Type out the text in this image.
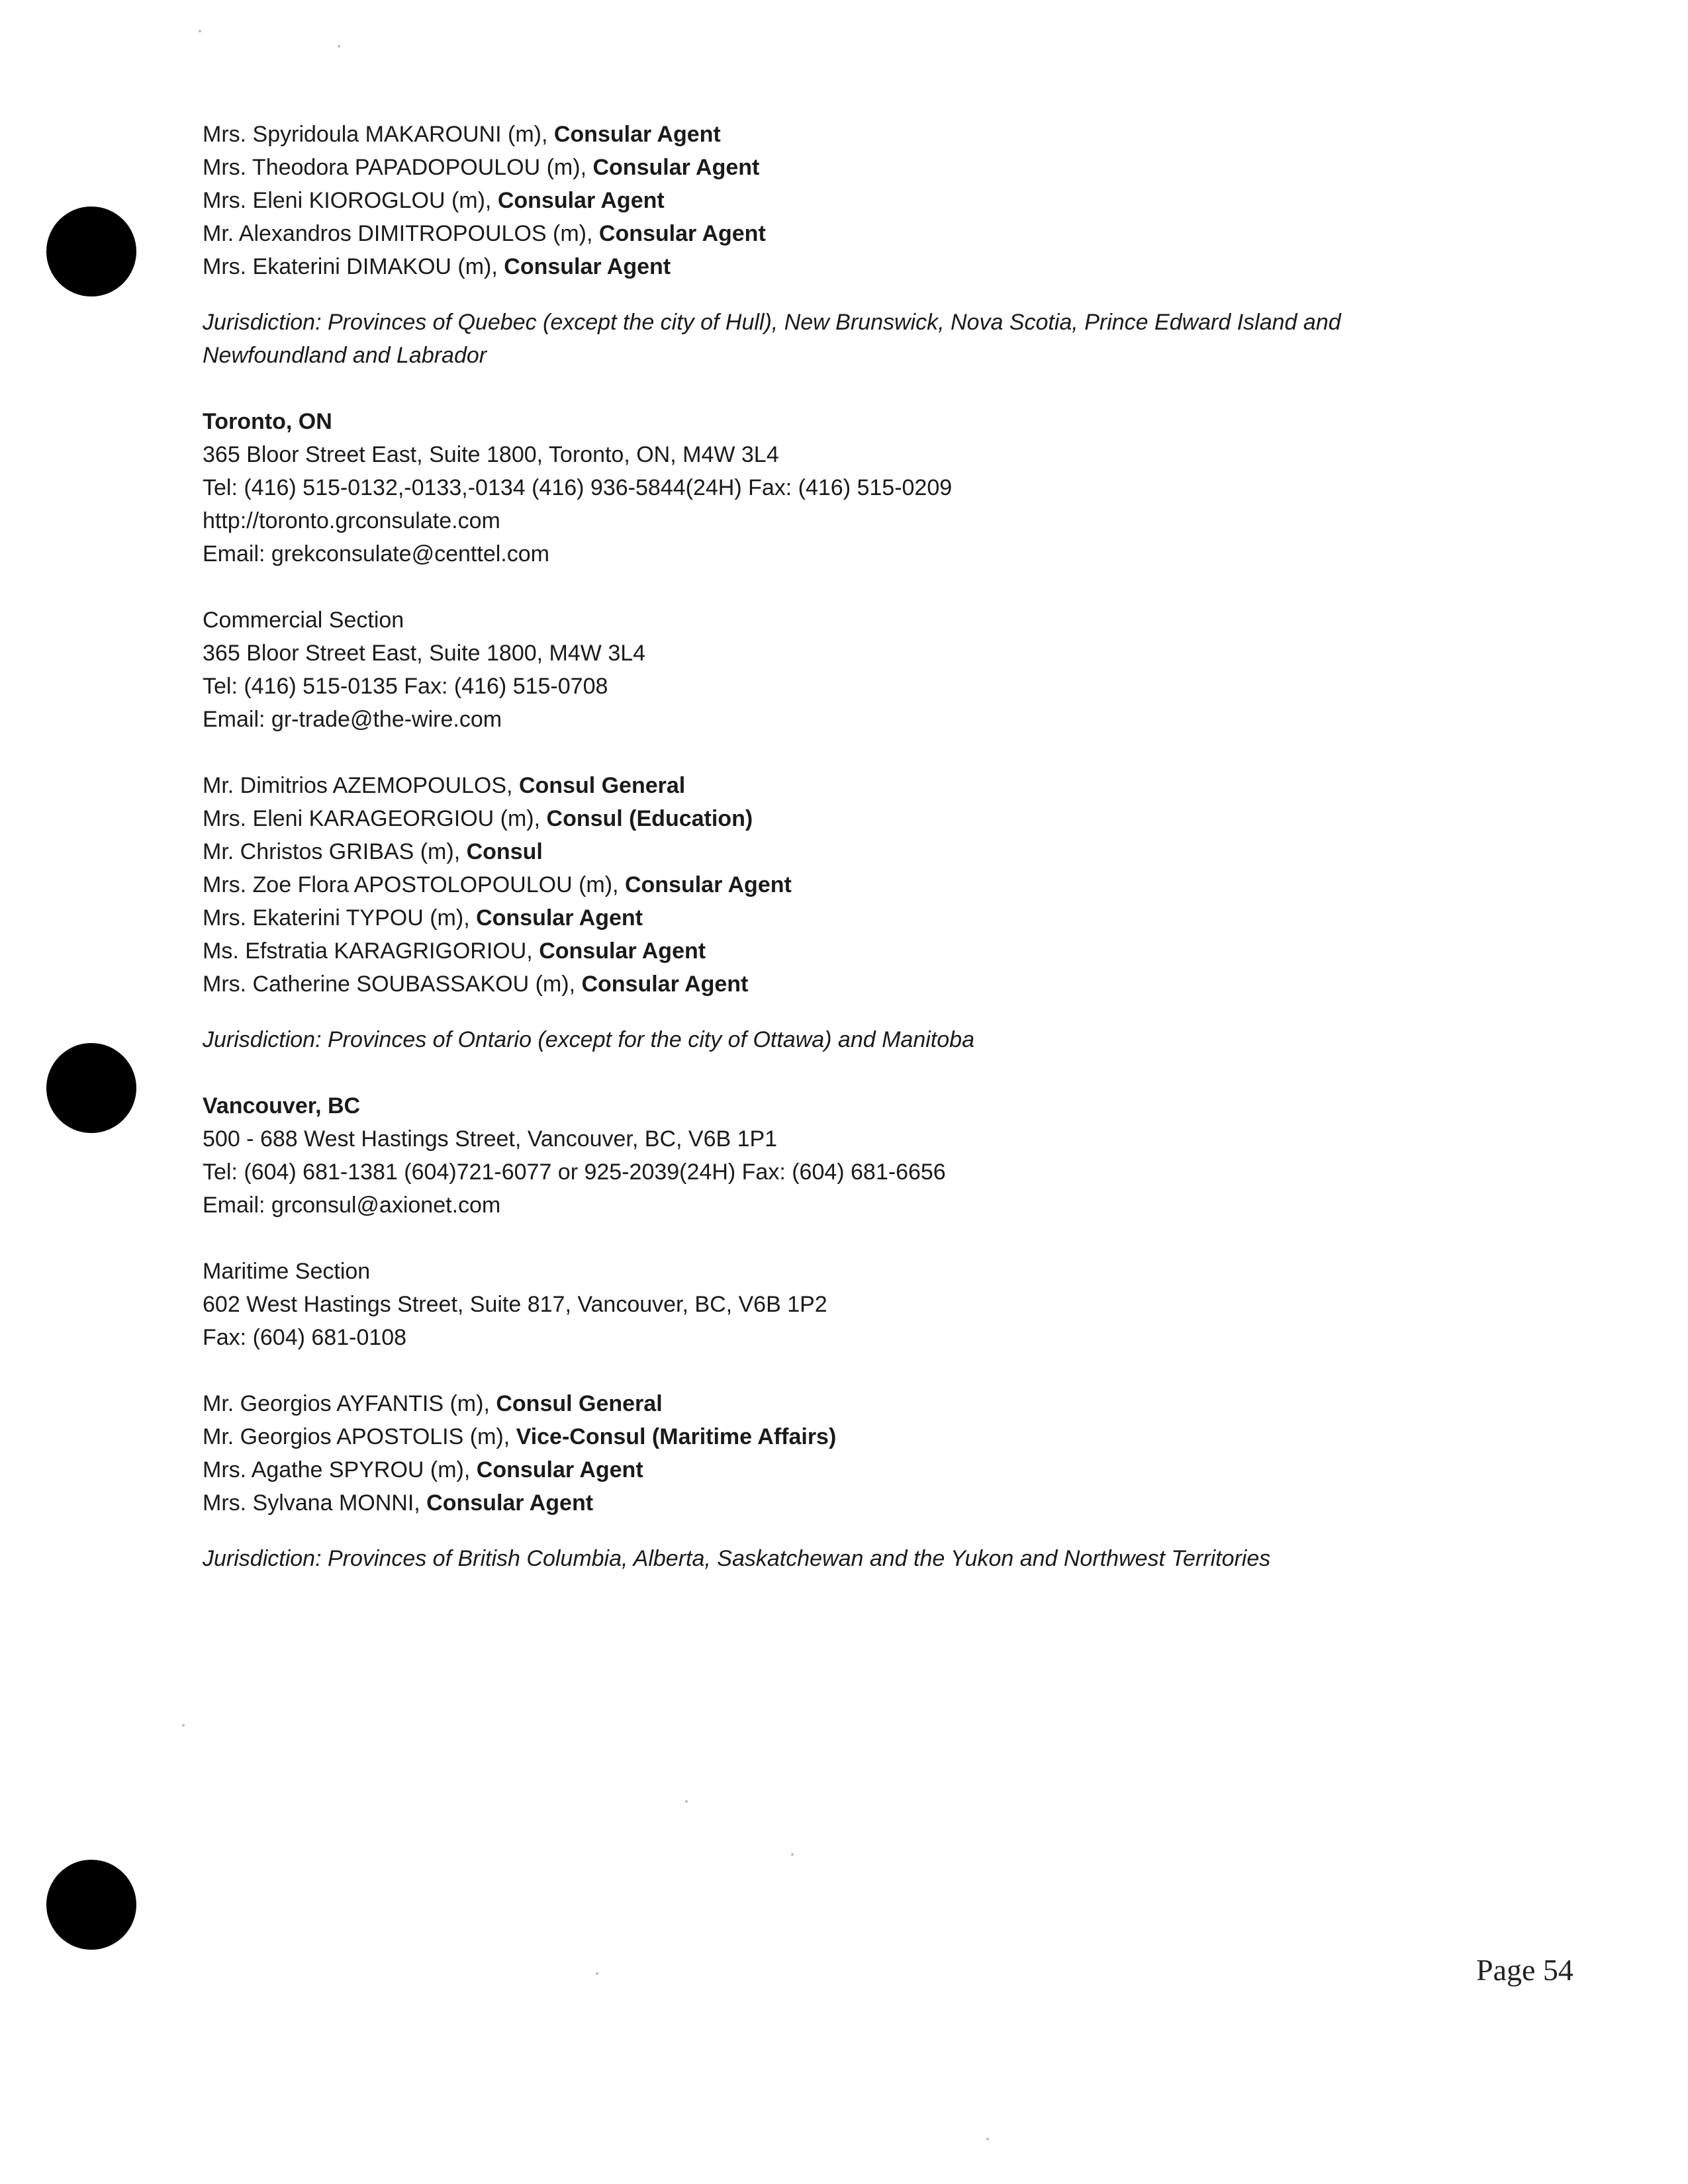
Mrs. Spyridoula MAKAROUNI (m), Consular Agent
Mrs. Theodora PAPADOPOULOU (m), Consular Agent
Mrs. Eleni KIOROGLOU (m), Consular Agent
Mr. Alexandros DIMITROPOULOS (m), Consular Agent
Mrs. Ekaterini DIMAKOU (m), Consular Agent
Jurisdiction: Provinces of Quebec (except the city of Hull), New Brunswick, Nova Scotia, Prince Edward Island and Newfoundland and Labrador
Toronto, ON
365 Bloor Street East, Suite 1800, Toronto, ON, M4W 3L4
Tel: (416) 515-0132,-0133,-0134 (416) 936-5844(24H) Fax: (416) 515-0209
http://toronto.grconsulate.com
Email: grekconsulate@centtel.com
Commercial Section
365 Bloor Street East, Suite 1800, M4W 3L4
Tel: (416) 515-0135 Fax: (416) 515-0708
Email: gr-trade@the-wire.com
Mr. Dimitrios AZEMOPOULOS, Consul General
Mrs. Eleni KARAGEORGIOU (m), Consul (Education)
Mr. Christos GRIBAS (m), Consul
Mrs. Zoe Flora APOSTOLOPOULOU (m), Consular Agent
Mrs. Ekaterini TYPOU (m), Consular Agent
Ms. Efstratia KARAGRIGORIOU, Consular Agent
Mrs. Catherine SOUBASSAKOU (m), Consular Agent
Jurisdiction: Provinces of Ontario (except for the city of Ottawa) and Manitoba
Vancouver, BC
500 - 688 West Hastings Street, Vancouver, BC, V6B 1P1
Tel: (604) 681-1381 (604)721-6077 or 925-2039(24H) Fax: (604) 681-6656
Email: grconsul@axionet.com
Maritime Section
602 West Hastings Street, Suite 817, Vancouver, BC, V6B 1P2
Fax: (604) 681-0108
Mr. Georgios AYFANTIS (m), Consul General
Mr. Georgios APOSTOLIS (m), Vice-Consul (Maritime Affairs)
Mrs. Agathe SPYROU (m), Consular Agent
Mrs. Sylvana MONNI, Consular Agent
Jurisdiction: Provinces of British Columbia, Alberta, Saskatchewan and the Yukon and Northwest Territories
Page 54
